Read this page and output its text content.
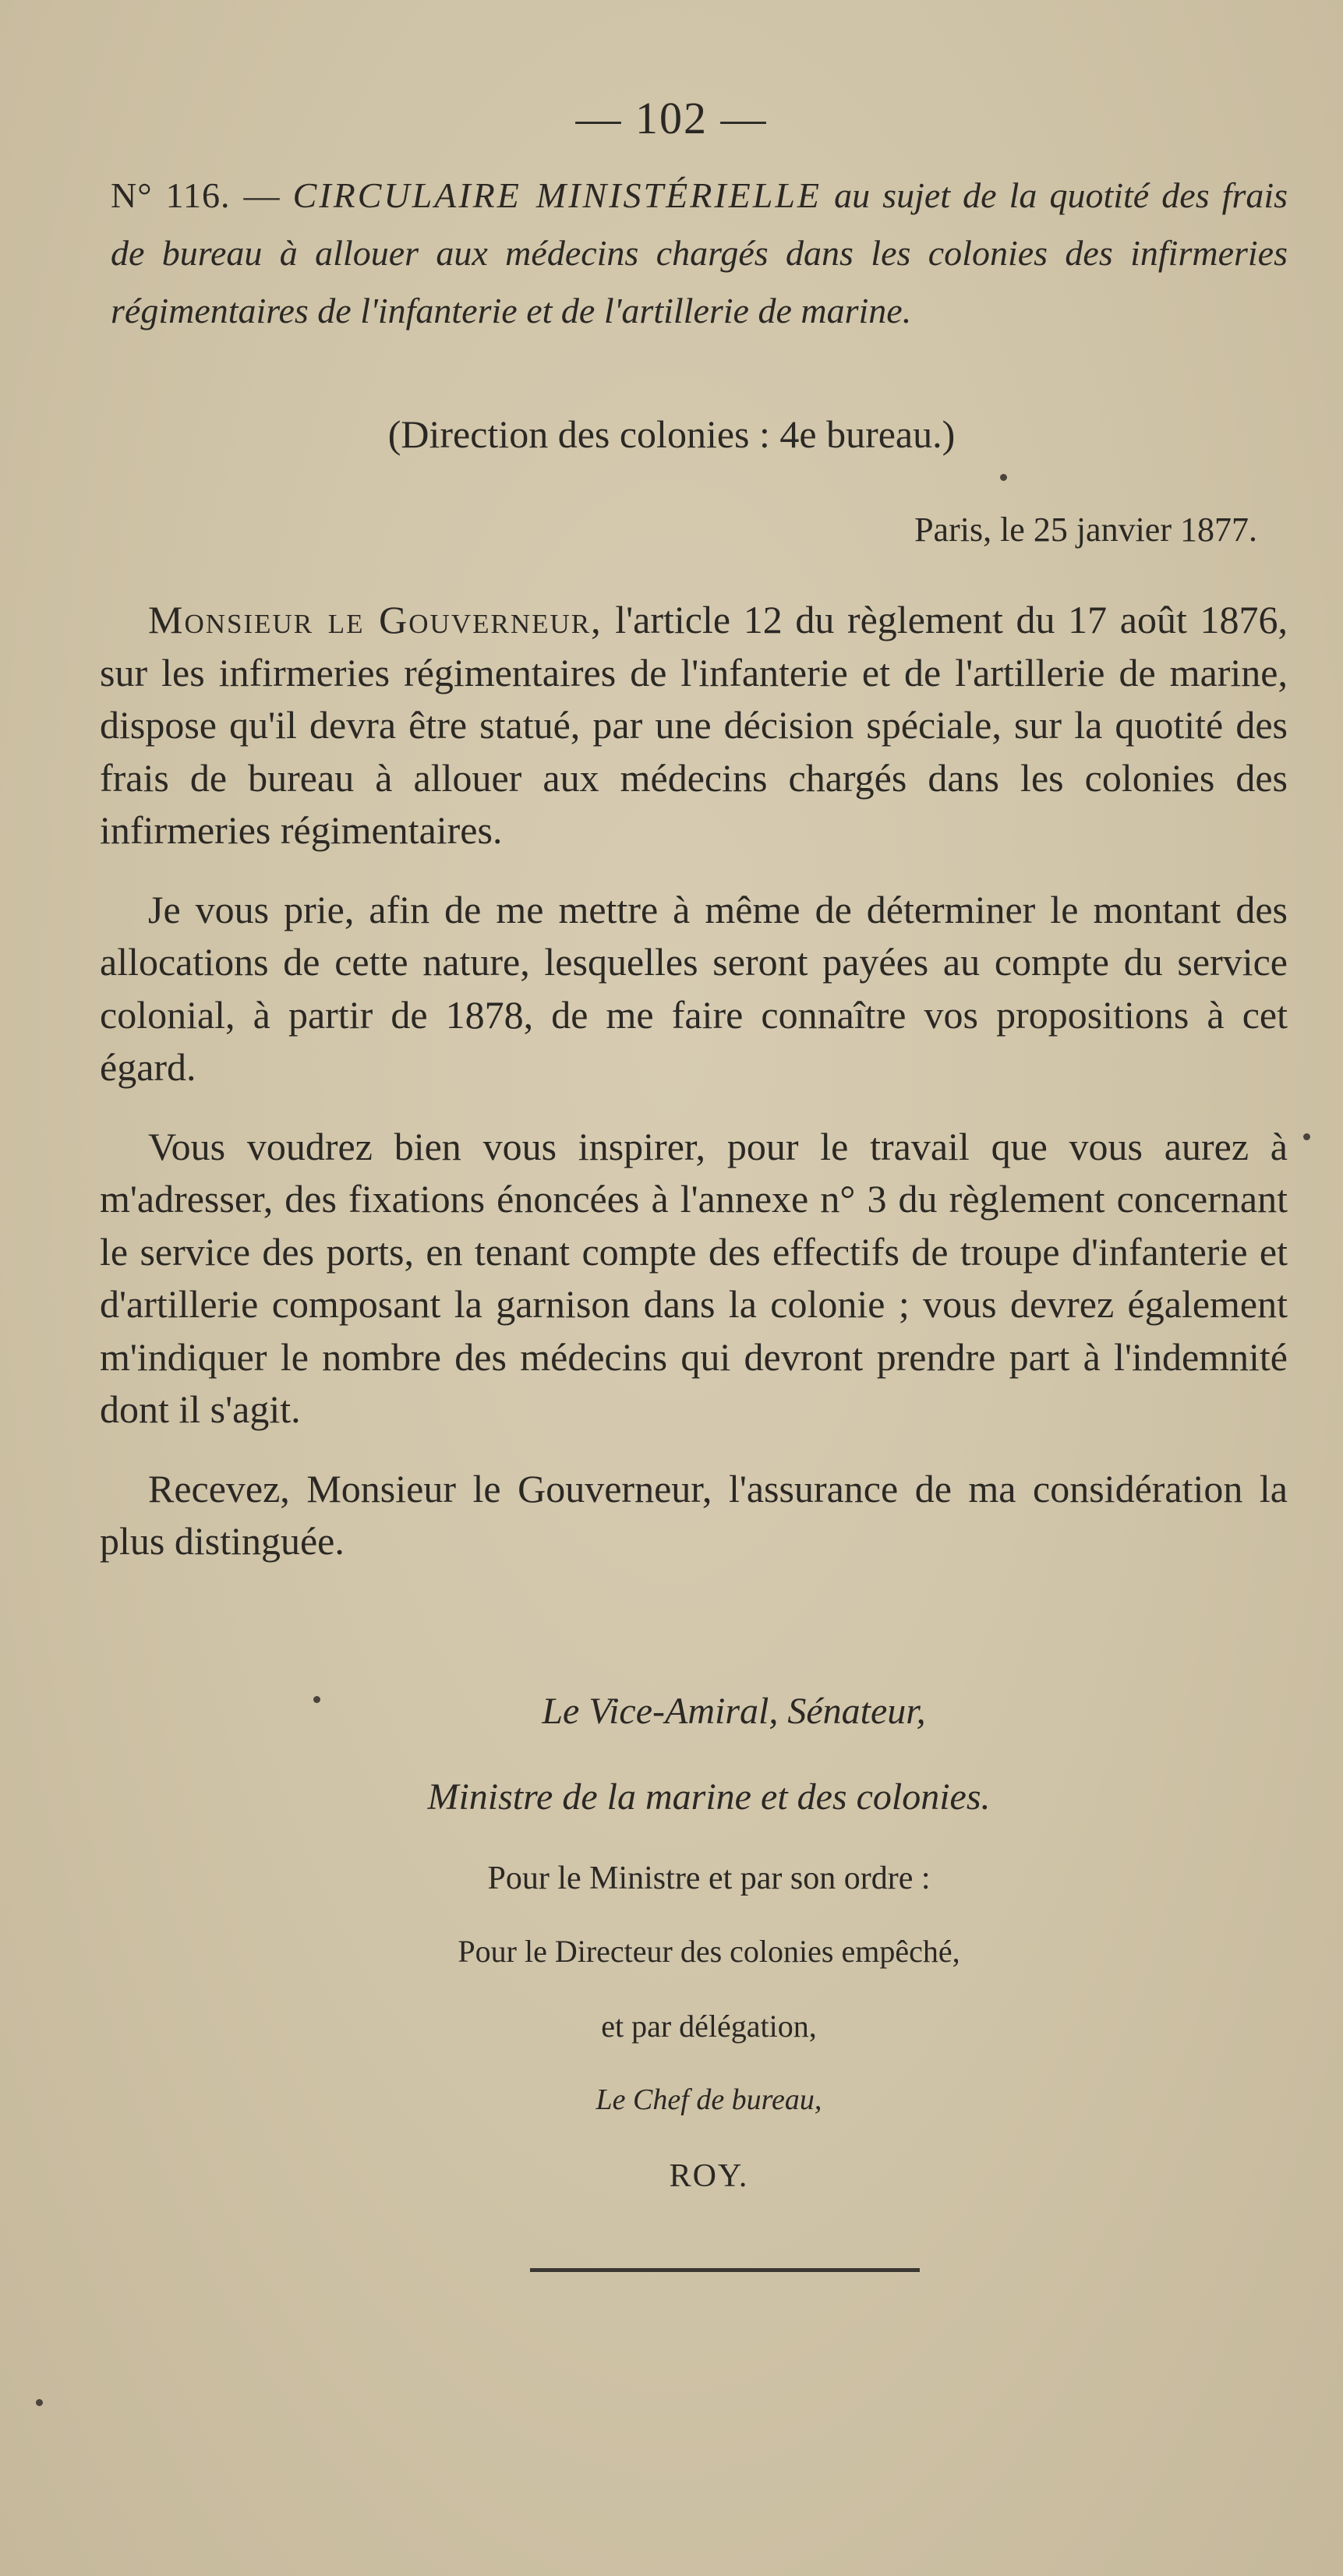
— 102 —
N° 116. — CIRCULAIRE MINISTÉRIELLE au sujet de la quotité des frais de bureau à allouer aux médecins chargés dans les colonies des infirmeries régimentaires de l'infanterie et de l'artillerie de marine.
(Direction des colonies : 4e bureau.)
Paris, le 25 janvier 1877.

Monsieur le Gouverneur, l'article 12 du règlement du 17 août 1876, sur les infirmeries régimentaires de l'infanterie et de l'artillerie de marine, dispose qu'il devra être statué, par une décision spéciale, sur la quotité des frais de bureau à allouer aux médecins chargés dans les colonies des infirmeries régimentaires.

Je vous prie, afin de me mettre à même de déterminer le montant des allocations de cette nature, lesquelles seront payées au compte du service colonial, à partir de 1878, de me faire connaître vos propositions à cet égard.

Vous voudrez bien vous inspirer, pour le travail que vous aurez à m'adresser, des fixations énoncées à l'annexe n° 3 du règlement concernant le service des ports, en tenant compte des effectifs de troupe d'infanterie et d'artillerie composant la garnison dans la colonie ; vous devrez également m'indiquer le nombre des médecins qui devront prendre part à l'indemnité dont il s'agit.

Recevez, Monsieur le Gouverneur, l'assurance de ma considération la plus distinguée.

Le Vice-Amiral, Sénateur,
Ministre de la marine et des colonies.
Pour le Ministre et par son ordre :
Pour le Directeur des colonies empêché,
et par délégation,
Le Chef de bureau,
ROY.
